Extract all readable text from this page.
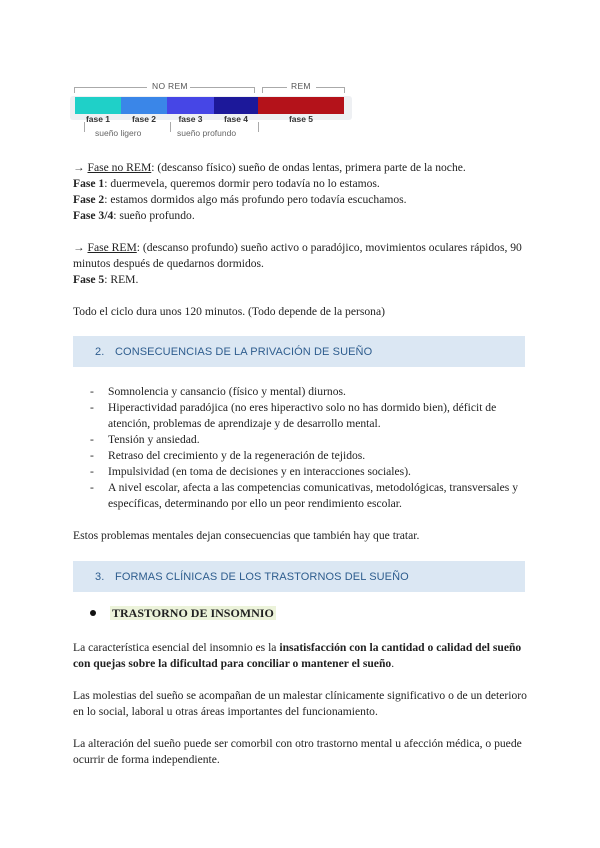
NO REM	REM
fase 1	fase 2	fase 3	fase 4	fase 5
sueño ligero	sueño profundo

→ Fase no REM: (descanso físico) sueño de ondas lentas, primera parte de la noche.
Fase 1: duermevela, queremos dormir pero todavía no lo estamos.
Fase 2: estamos dormidos algo más profundo pero todavía escuchamos.
Fase 3/4: sueño profundo.

→ Fase REM: (descanso profundo) sueño activo o paradójico, movimientos oculares rápidos, 90 minutos después de quedarnos dormidos.
Fase 5: REM.

Todo el ciclo dura unos 120 minutos. (Todo depende de la persona)

2. CONSECUENCIAS DE LA PRIVACIÓN DE SUEÑO
- Somnolencia y cansancio (físico y mental) diurnos.
- Hiperactividad paradójica (no eres hiperactivo solo no has dormido bien), déficit de atención, problemas de aprendizaje y de desarrollo mental.
- Tensión y ansiedad.
- Retraso del crecimiento y de la regeneración de tejidos.
- Impulsividad (en toma de decisiones y en interacciones sociales).
- A nivel escolar, afecta a las competencias comunicativas, metodológicas, transversales y específicas, determinando por ello un peor rendimiento escolar.

Estos problemas mentales dejan consecuencias que también hay que tratar.

3. FORMAS CLÍNICAS DE LOS TRASTORNOS DEL SUEÑO
TRASTORNO DE INSOMNIO

La característica esencial del insomnio es la insatisfacción con la cantidad o calidad del sueño con quejas sobre la dificultad para conciliar o mantener el sueño.

Las molestias del sueño se acompañan de un malestar clínicamente significativo o de un deterioro en lo social, laboral u otras áreas importantes del funcionamiento.

La alteración del sueño puede ser comorbil con otro trastorno mental u afección médica, o puede ocurrir de forma independiente.
